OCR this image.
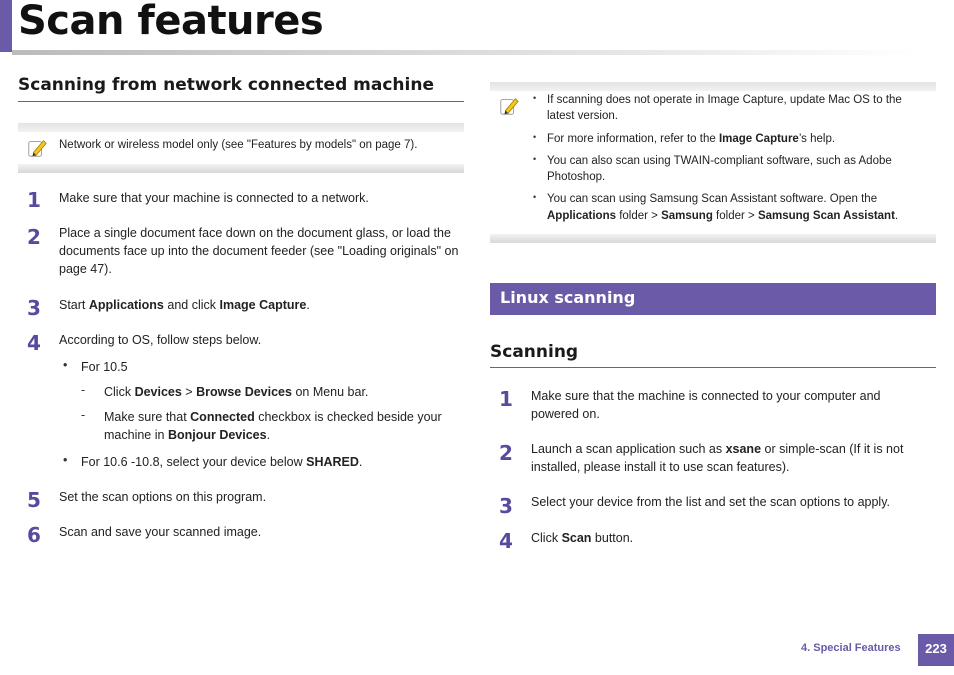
Scan features
Scanning from network connected machine
Network or wireless model only (see "Features by models" on page 7).
1 Make sure that your machine is connected to a network.
2 Place a single document face down on the document glass, or load the
documents face up into the document feeder (see "Loading originals" on
page 47).
3 Start Applications and click Image Capture.
4 According to OS, follow steps below.
• For 10.5
- Click Devices > Browse Devices on Menu bar.
- Make sure that Connected checkbox is checked beside your
machine in Bonjour Devices.
• For 10.6 -10.8, select your device below SHARED.
5 Set the scan options on this program.
6 Scan and save your scanned image.
• If scanning does not operate in Image Capture, update Mac OS to the
latest version.
• For more information, refer to the Image Capture’s help.
• You can also scan using TWAIN-compliant software, such as Adobe
Photoshop.
• You can scan using Samsung Scan Assistant software. Open the
Applications folder > Samsung folder > Samsung Scan Assistant.
Linux scanning
Scanning
1 Make sure that the machine is connected to your computer and
powered on.
2 Launch a scan application such as xsane or simple-scan (If it is not
installed, please install it to use scan features).
3 Select your device from the list and set the scan options to apply.
4 Click Scan button.
4. Special Features	223
